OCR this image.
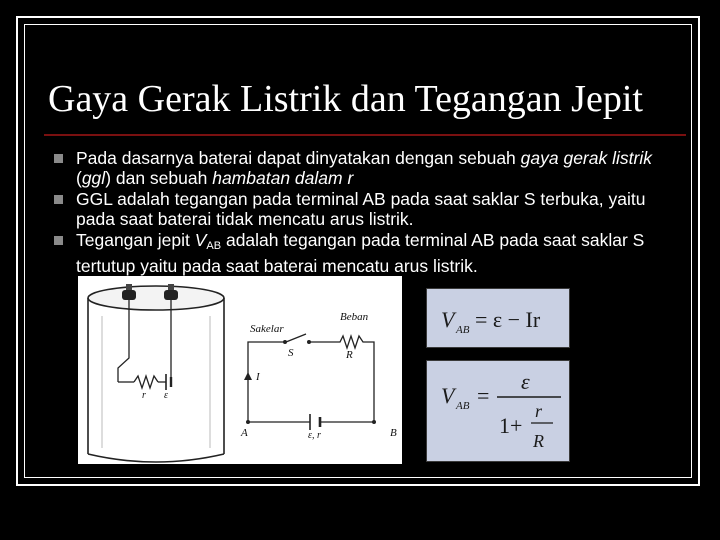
Gaya Gerak Listrik dan Tegangan Jepit
Pada dasarnya baterai dapat dinyatakan dengan sebuah gaya gerak listrik (ggl) dan sebuah hambatan dalam r
GGL adalah tegangan pada terminal AB pada saat saklar S terbuka, yaitu pada saat baterai tidak mencatu arus listrik.
Tegangan jepit $V_{AB}$ adalah tegangan pada terminal AB pada saat saklar S tertutup yaitu pada saat baterai mencatu arus listrik.
r ε
Beban
R
Sakelar
S
I
A	B
ε, r
V AB = ε − Ir
V AB =
ε
1+
r
R
